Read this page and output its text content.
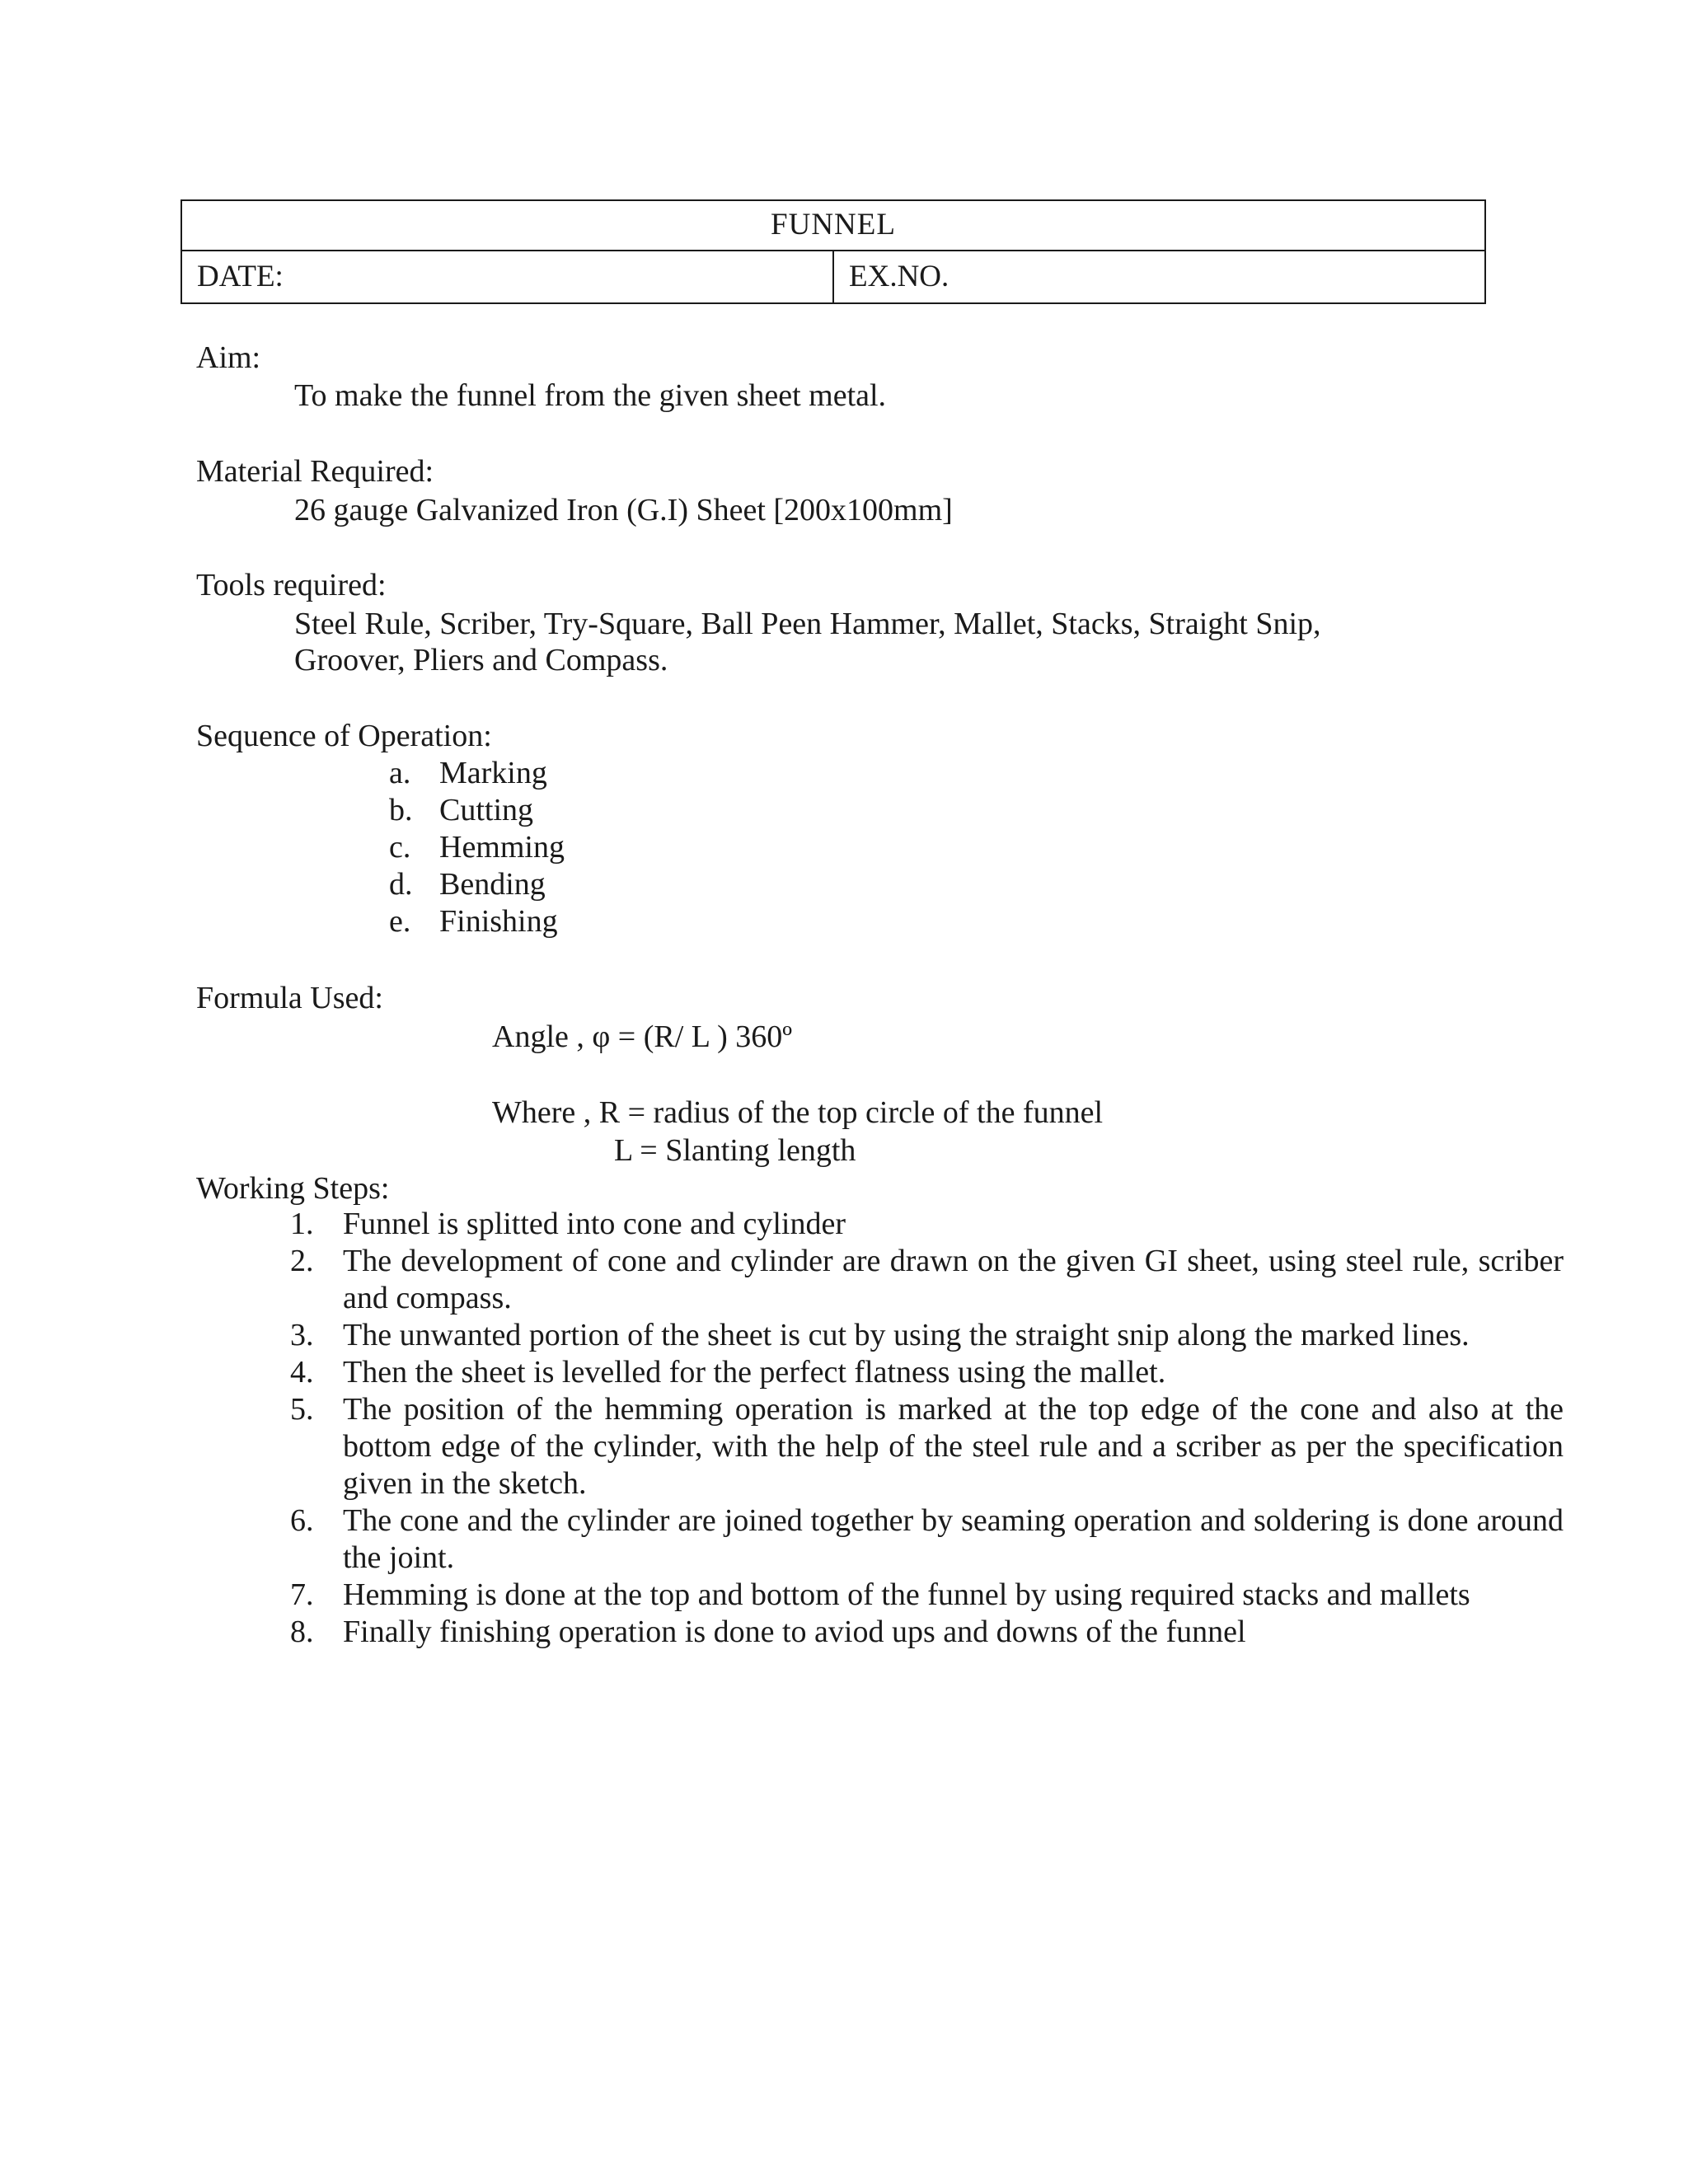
FUNNEL
DATE:	EX.NO.
Aim:
To make the funnel from the given sheet metal.
Material Required:
26 gauge Galvanized Iron (G.I) Sheet [200x100mm]
Tools required:
Steel Rule, Scriber, Try-Square, Ball Peen Hammer, Mallet, Stacks, Straight Snip,
Groover, Pliers and Compass.
Sequence of Operation:
a. Marking
b. Cutting
c. Hemming
d. Bending
e. Finishing
Formula Used:
Angle , φ = (R/ L ) 360º
Where , R = radius of the top circle of the funnel
L = Slanting length
Working Steps:
1. Funnel is splitted into cone and cylinder
2. The development of cone and cylinder are drawn on the given GI sheet, using steel rule, scriber and compass.
3. The unwanted portion of the sheet is cut by using the straight snip along the marked lines.
4. Then the sheet is levelled for the perfect flatness using the mallet.
5. The position of the hemming operation is marked at the top edge of the cone and also at the bottom edge of the cylinder, with the help of the steel rule and a scriber as per the specification given in the sketch.
6. The cone and the cylinder are joined together by seaming operation and soldering is done around the joint.
7. Hemming is done at the top and bottom of the funnel by using required stacks and mallets
8. Finally finishing operation is done to aviod ups and downs of the funnel
